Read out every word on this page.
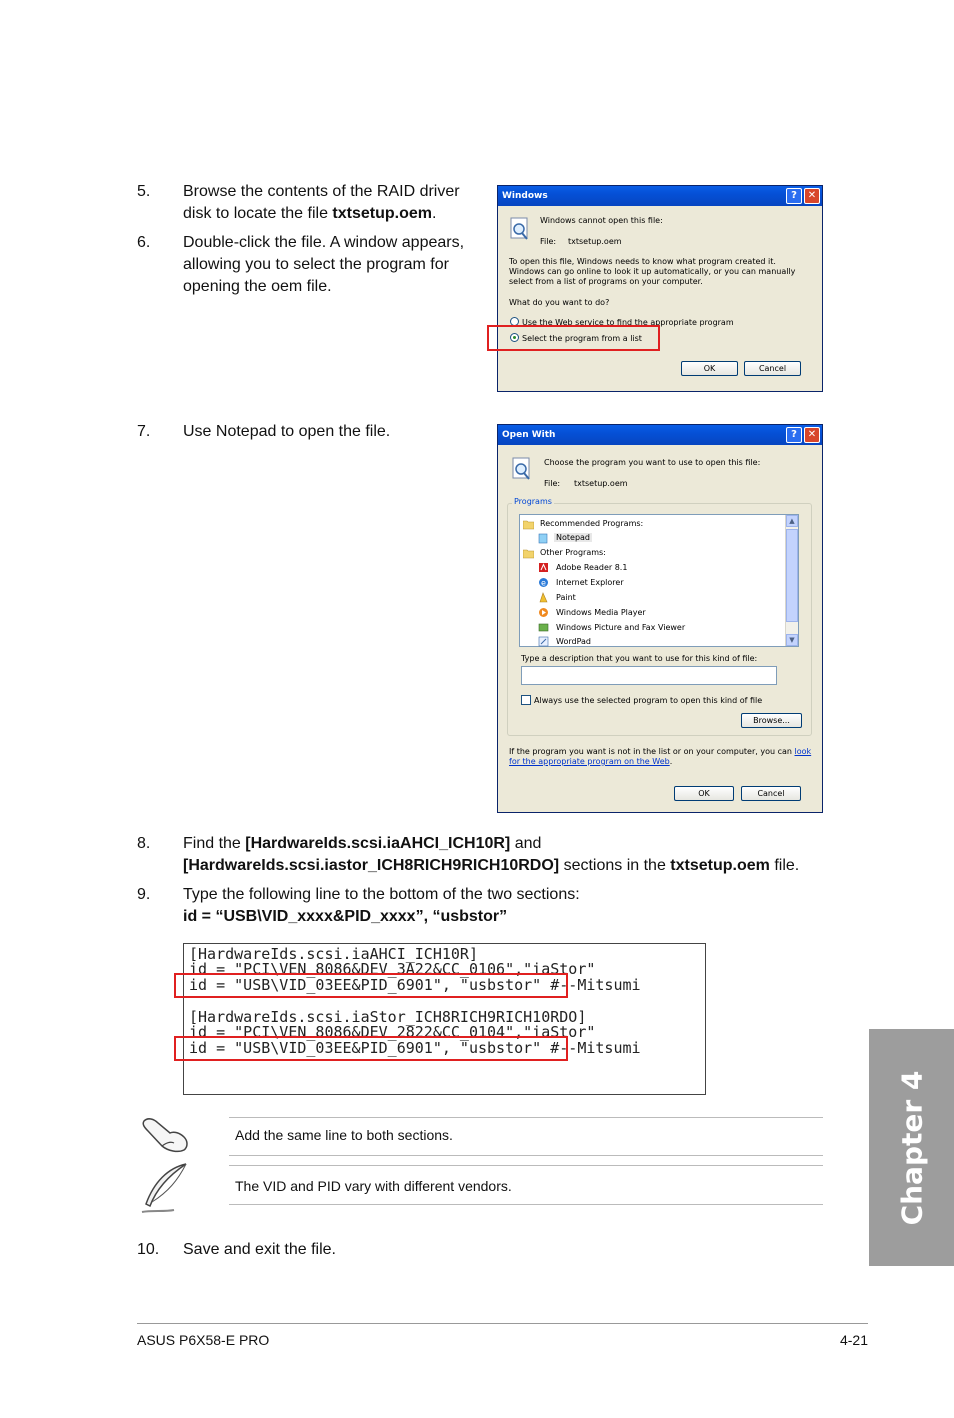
5. Browse the contents of the RAID driver disk to locate the file txtsetup.oem.
6. Double-click the file. A window appears, allowing you to select the program for opening the oem file.
Windows	?	✕
Windows cannot open this file:
File: txtsetup.oem
To open this file, Windows needs to know what program created it. Windows can go online to look it up automatically, or you can manually select from a list of programs on your computer.
What do you want to do?
Use the Web service to find the appropriate program
Select the program from a list
OK	Cancel
7. Use Notepad to open the file.	Open With	?	✕
Choose the program you want to use to open this file:
File: txtsetup.oem
Programs
Recommended Programs:
Notepad
Other Programs:
Adobe Reader 8.1
e Internet Explorer
Paint
Windows Media Player
Windows Picture and Fax Viewer
WordPad
▲
▼
Type a description that you want to use for this kind of file:
Always use the selected program to open this kind of file
Browse...
If the program you want is not in the list or on your computer, you can look for the appropriate program on the Web.
OK	Cancel
8. Find the [HardwareIds.scsi.iaAHCI_ICH10R] and
[HardwareIds.scsi.iastor_ICH8RICH9RICH10RDO] sections in the txtsetup.oem file.
9. Type the following line to the bottom of the two sections:
id = “USB\VID_xxxx&PID_xxxx”, “usbstor”
[HardwareIds.scsi.iaAHCI_ICH10R]
id = "PCI\VEN_8086&DEV_3A22&CC_0106","iaStor"
id = "USB\VID_03EE&PID_6901", "usbstor" #--Mitsumi
[HardwareIds.scsi.iaStor_ICH8RICH9RICH10RDO]
id = "PCI\VEN_8086&DEV_2822&CC_0104","iaStor"
id = "USB\VID_03EE&PID_6901", "usbstor" #--Mitsumi
Add the same line to both sections.
The VID and PID vary with different vendors.
10. Save and exit the file.
Chapter 4
ASUS P6X58-E PRO	4-21
